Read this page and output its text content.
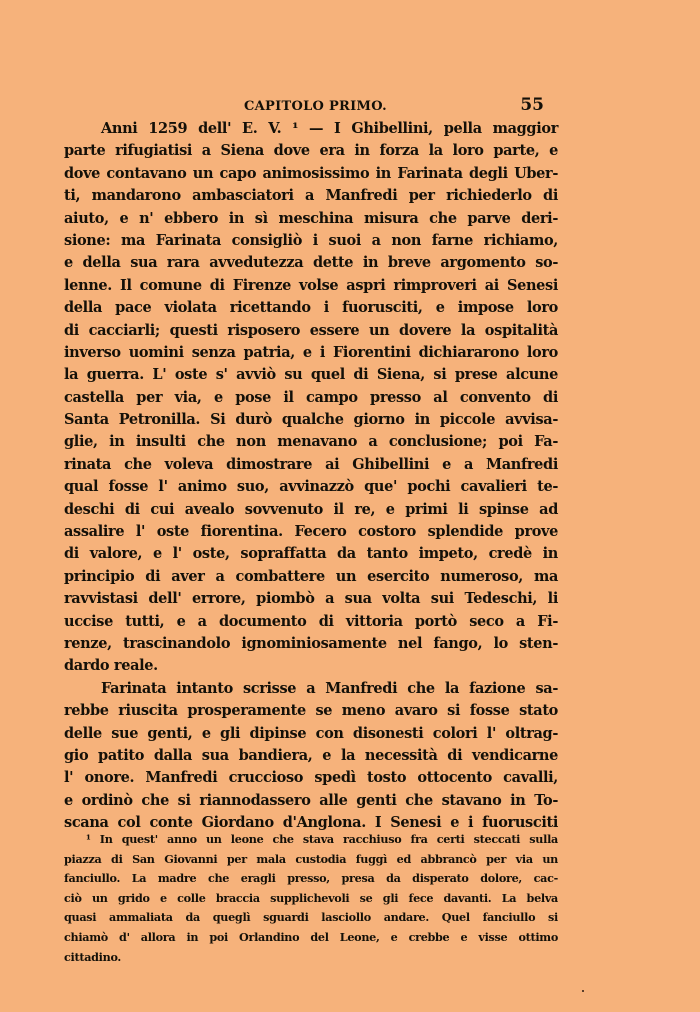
CAPITOLO PRIMO.	55
Anni 1259 dell' E. V. ¹ — I Ghibellini, pella maggior
parte rifugiatisi a Siena dove era in forza la loro parte, e
dove contavano un capo animosissimo in Farinata degli Uber-
ti, mandarono ambasciatori a Manfredi per richiederlo di
aiuto, e n' ebbero in sì meschina misura che parve deri-
sione: ma Farinata consigliò i suoi a non farne richiamo,
e della sua rara avvedutezza dette in breve argomento so-
lenne. Il comune di Firenze volse aspri rimproveri ai Senesi
della pace violata ricettando i fuorusciti, e impose loro
di cacciarli; questi risposero essere un dovere la ospitalità
inverso uomini senza patria, e i Fiorentini dichiararono loro
la guerra. L' oste s' avviò su quel di Siena, si prese alcune
castella per via, e pose il campo presso al convento di
Santa Petronilla. Si durò qualche giorno in piccole avvisa-
glie, in insulti che non menavano a conclusione; poi Fa-
rinata che voleva dimostrare ai Ghibellini e a Manfredi
qual fosse l' animo suo, avvinazzò que' pochi cavalieri te-
deschi di cui avealo sovvenuto il re, e primi li spinse ad
assalire l' oste fiorentina. Fecero costoro splendide prove
di valore, e l' oste, sopraffatta da tanto impeto, credè in
principio di aver a combattere un esercito numeroso, ma
ravvistasi dell' errore, piombò a sua volta sui Tedeschi, li
uccise tutti, e a documento di vittoria portò seco a Fi-
renze, trascinandolo ignominiosamente nel fango, lo sten-
dardo reale.
Farinata intanto scrisse a Manfredi che la fazione sa-
rebbe riuscita prosperamente se meno avaro si fosse stato
delle sue genti, e gli dipinse con disonesti colori l' oltrag-
gio patito dalla sua bandiera, e la necessità di vendicarne
l' onore. Manfredi cruccioso spedì tosto ottocento cavalli,
e ordinò che si riannodassero alle genti che stavano in To-
scana col conte Giordano d'Anglona. I Senesi e i fuorusciti
¹ In quest' anno un leone che stava racchiuso fra certi steccati sulla
piazza di San Giovanni per mala custodia fuggì ed abbrancò per via un
fanciullo. La madre che eragli presso, presa da disperato dolore, cac-
ciò un grido e colle braccia supplichevoli se gli fece davanti. La belva
quasi ammaliata da queglì sguardi lasciollo andare. Quel fanciullo si
chiamò d' allora in poi Orlandino del Leone, e crebbe e visse ottimo
cittadino.
